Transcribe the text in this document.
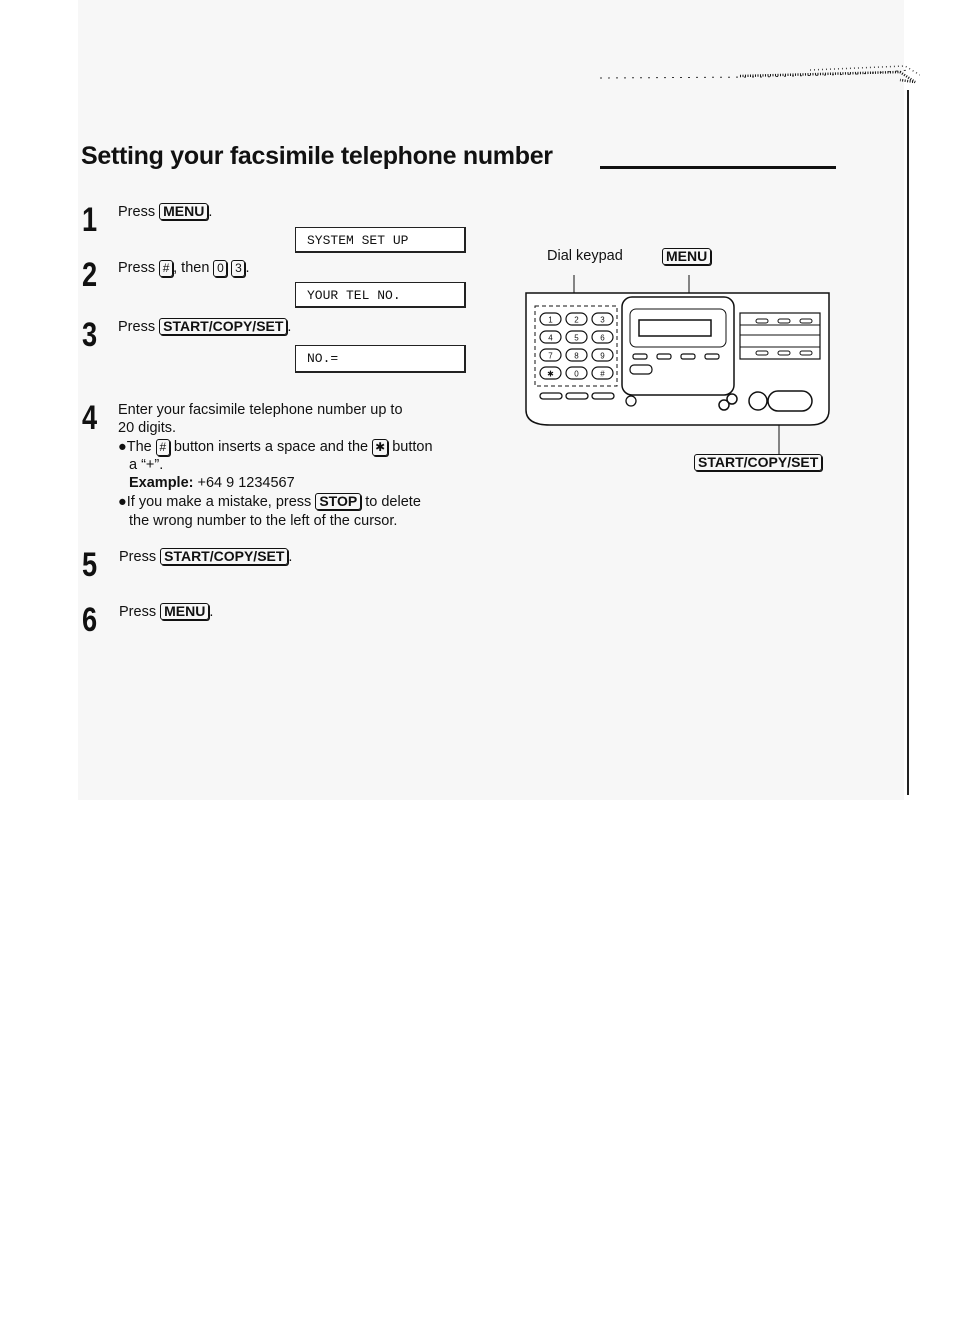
Setting your facsimile telephone number
1 Press MENU .
SYSTEM SET UP
2 Press # , then 0 3 .
YOUR TEL NO.
3 Press START/COPY/SET .
NO.=
4 Enter your facsimile telephone number up to
20 digits.
●The # button inserts a space and the ✱ button
a “+”.
Example: +64 9 1234567
●If you make a mistake, press STOP to delete
the wrong number to the left of the cursor.
5 Press START/COPY/SET .
6 Press MENU .
Dial keypad	MENU
START/COPY/SET
1	2	3
4	5	6
7	8	9
✱	0	#
